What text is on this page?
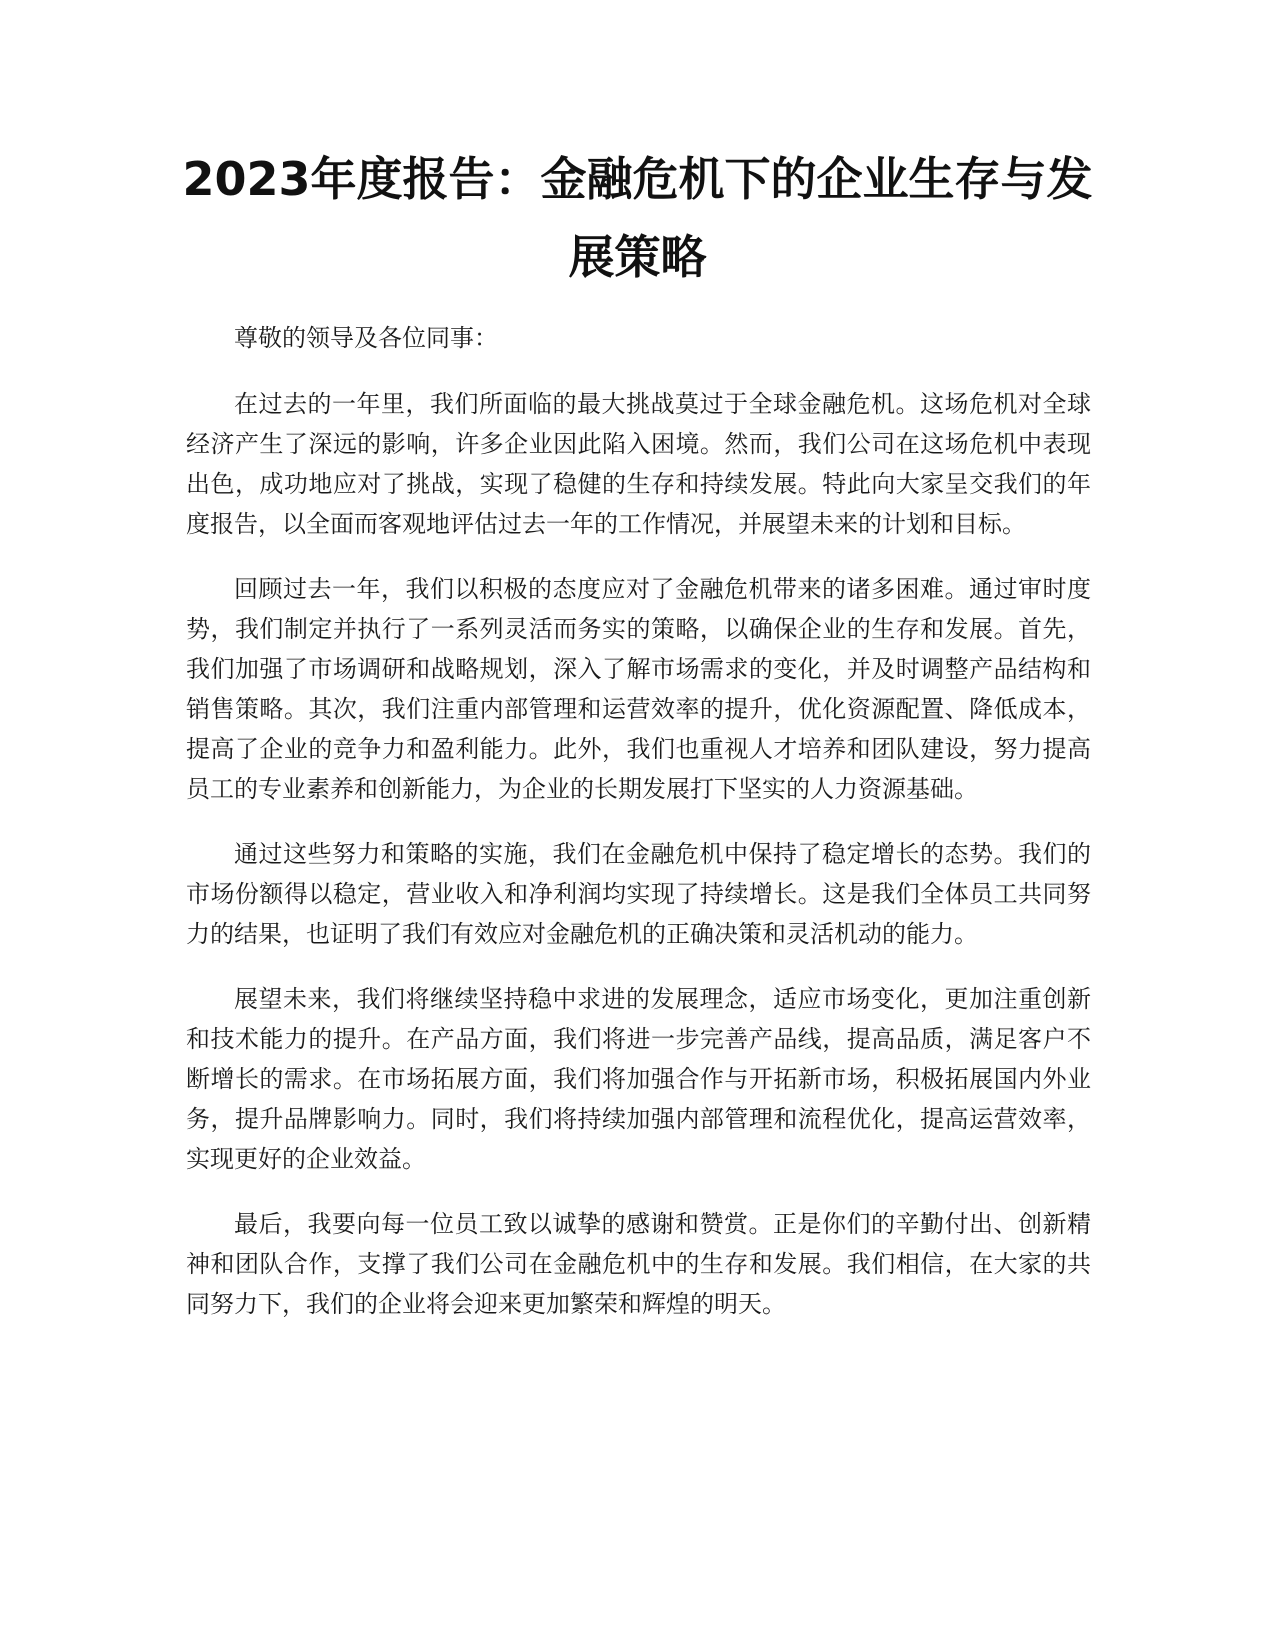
2023年度报告：金融危机下的企业生存与发展策略

尊敬的领导及各位同事：

在过去的一年里，我们所面临的最大挑战莫过于全球金融危机。这场危机对全球经济产生了深远的影响，许多企业因此陷入困境。然而，我们公司在这场危机中表现出色，成功地应对了挑战，实现了稳健的生存和持续发展。特此向大家呈交我们的年度报告，以全面而客观地评估过去一年的工作情况，并展望未来的计划和目标。

回顾过去一年，我们以积极的态度应对了金融危机带来的诸多困难。通过审时度势，我们制定并执行了一系列灵活而务实的策略，以确保企业的生存和发展。首先，我们加强了市场调研和战略规划，深入了解市场需求的变化，并及时调整产品结构和销售策略。其次，我们注重内部管理和运营效率的提升，优化资源配置、降低成本，提高了企业的竞争力和盈利能力。此外，我们也重视人才培养和团队建设，努力提高员工的专业素养和创新能力，为企业的长期发展打下坚实的人力资源基础。

通过这些努力和策略的实施，我们在金融危机中保持了稳定增长的态势。我们的市场份额得以稳定，营业收入和净利润均实现了持续增长。这是我们全体员工共同努力的结果，也证明了我们有效应对金融危机的正确决策和灵活机动的能力。

展望未来，我们将继续坚持稳中求进的发展理念，适应市场变化，更加注重创新和技术能力的提升。在产品方面，我们将进一步完善产品线，提高品质，满足客户不断增长的需求。在市场拓展方面，我们将加强合作与开拓新市场，积极拓展国内外业务，提升品牌影响力。同时，我们将持续加强内部管理和流程优化，提高运营效率，实现更好的企业效益。

最后，我要向每一位员工致以诚挚的感谢和赞赏。正是你们的辛勤付出、创新精神和团队合作，支撑了我们公司在金融危机中的生存和发展。我们相信，在大家的共同努力下，我们的企业将会迎来更加繁荣和辉煌的明天。
